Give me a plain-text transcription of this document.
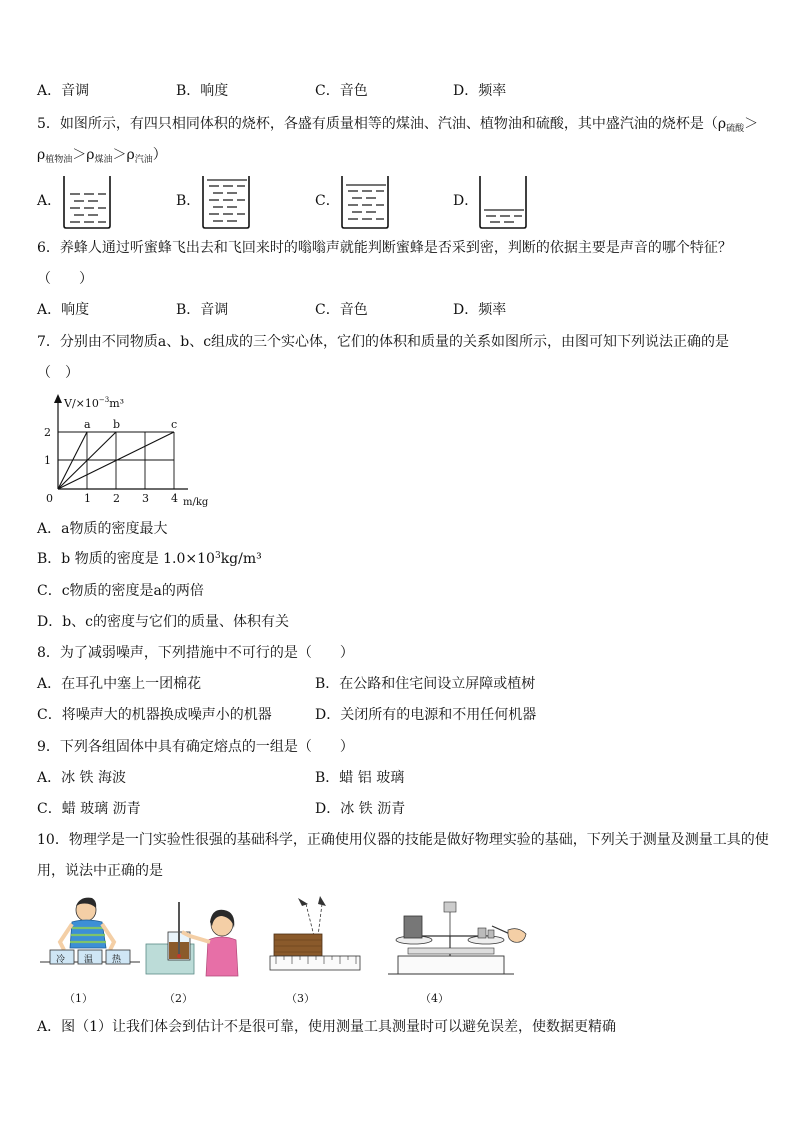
A．音调	B．响度	C．音色	D．频率
5．如图所示，有四只相同体积的烧杯，各盛有质量相等的煤油、汽油、植物油和硫酸，其中盛汽油的烧杯是（$\rho_{硫酸}>$
$\rho_{植物油}>\rho_{煤油}>\rho_{汽油}$）
A．	B．	C．	D．
6．养蜂人通过听蜜蜂飞出去和飞回来时的嗡嗡声就能判断蜜蜂是否采到密，判断的依据主要是声音的哪个特征？
（　　）
A．响度	B．音调	C．音色	D．频率
7．分别由不同物质a、b、c组成的三个实心体，它们的体积和质量的关系如图所示，由图可知下列说法正确的是
（　）
a b	c
$V/\times 10^{-3}m^3$
1
2
0	1 2 3 4 m/kg
A．a物质的密度最大
B．b 物质的密度是 $1.0\times 10^3kg/m^3$
C．c物质的密度是a的两倍
D．b、c的密度与它们的质量、体积有关
8．为了减弱噪声，下列措施中不可行的是（　　）
A．在耳孔中塞上一团棉花	B．在公路和住宅间设立屏障或植树
C．将噪声大的机器换成噪声小的机器	D．关闭所有的电源和不用任何机器
9．下列各组固体中具有确定熔点的一组是（　　）
A．冰 铁 海波	B．蜡 铝 玻璃
C．蜡 玻璃 沥青	D．冰 铁 沥青
10．物理学是一门实验性很强的基础科学，正确使用仪器的技能是做好物理实验的基础，下列关于测量及测量工具的使
用，说法中正确的是
冷 温 热
（1）	（2）	（3）	（4）
A．图（1）让我们体会到估计不是很可靠，使用测量工具测量时可以避免误差，使数据更精确
